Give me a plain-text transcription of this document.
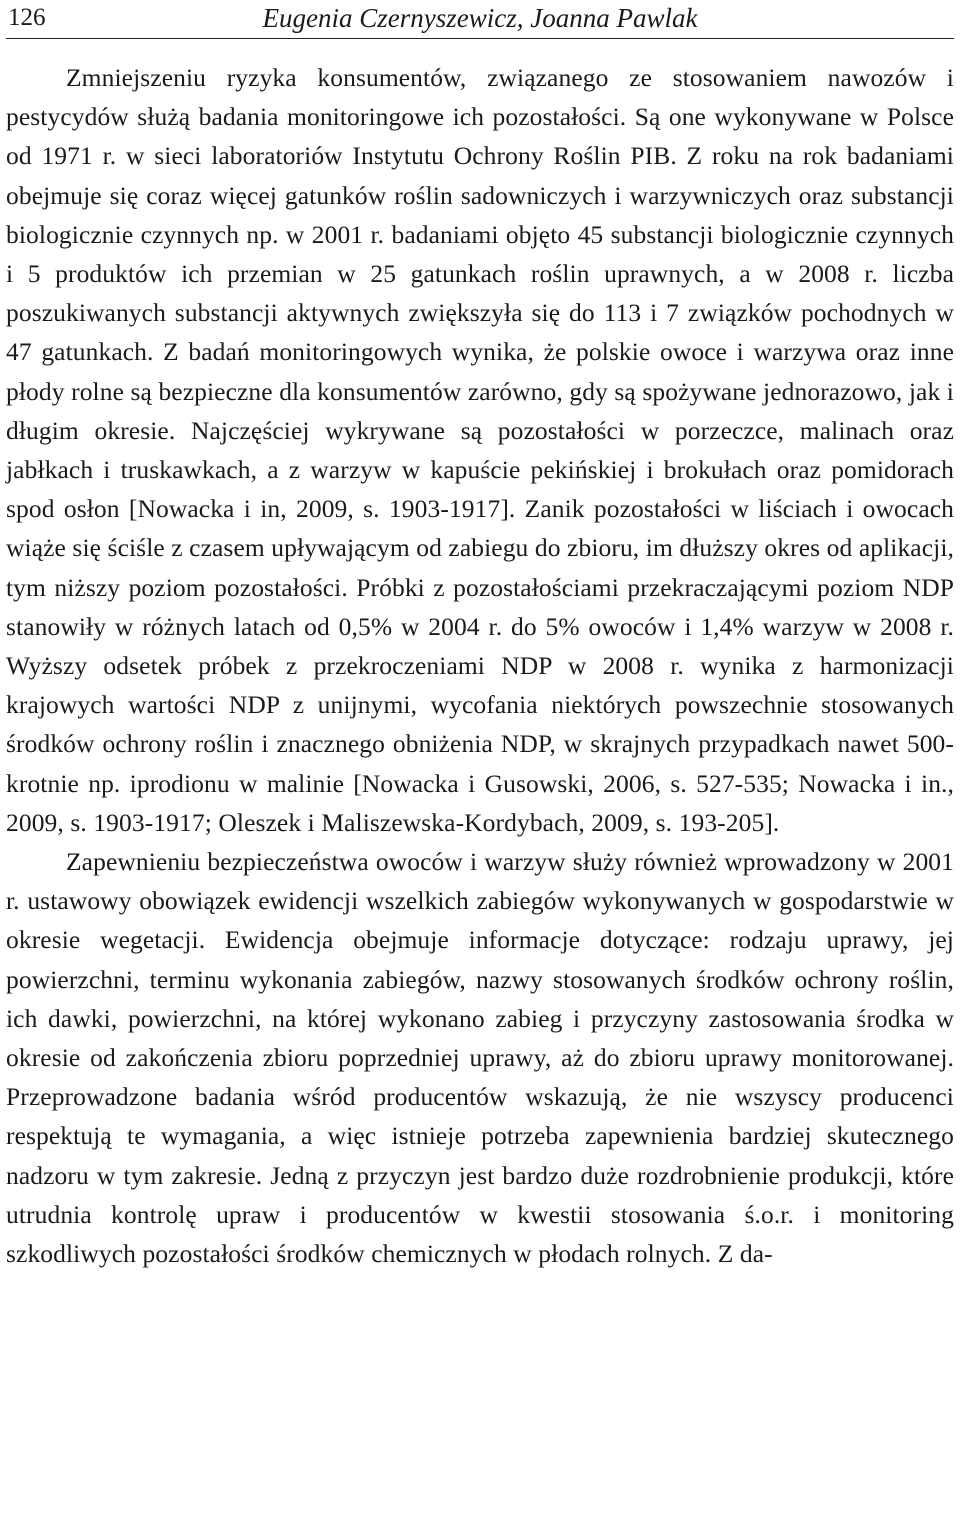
126	Eugenia Czernyszewicz, Joanna Pawlak

Zmniejszeniu ryzyka konsumentów, związanego ze stosowaniem nawozów i pestycydów służą badania monitoringowe ich pozostałości. Są one wykonywane w Polsce od 1971 r. w sieci laboratoriów Instytutu Ochrony Roślin PIB. Z roku na rok badaniami obejmuje się coraz więcej gatunków roślin sadowniczych i warzywniczych oraz substancji biologicznie czynnych np. w 2001 r. badaniami objęto 45 substancji biologicznie czynnych i 5 produktów ich przemian w 25 gatunkach roślin uprawnych, a w 2008 r. liczba poszukiwanych substancji aktywnych zwiększyła się do 113 i 7 związków pochodnych w 47 gatunkach. Z badań monitoringowych wynika, że polskie owoce i warzywa oraz inne płody rolne są bezpieczne dla konsumentów zarówno, gdy są spożywane jednorazowo, jak i długim okresie. Najczęściej wykrywane są pozostałości w porzeczce, malinach oraz jabłkach i truskawkach, a z warzyw w kapuście pekińskiej i brokułach oraz pomidorach spod osłon [Nowacka i in, 2009, s. 1903-1917]. Zanik pozostałości w liściach i owocach wiąże się ściśle z czasem upływającym od zabiegu do zbioru, im dłuższy okres od aplikacji, tym niższy poziom pozostałości. Próbki z pozostałościami przekraczającymi poziom NDP stanowiły w różnych latach od 0,5% w 2004 r. do 5% owoców i 1,4% warzyw w 2008 r. Wyższy odsetek próbek z przekroczeniami NDP w 2008 r. wynika z harmonizacji krajowych wartości NDP z unijnymi, wycofania niektórych powszechnie stosowanych środków ochrony roślin i znacznego obniżenia NDP, w skrajnych przypadkach nawet 500-krotnie np. iprodionu w malinie [Nowacka i Gusowski, 2006, s. 527-535; Nowacka i in., 2009, s. 1903-1917; Oleszek i Maliszewska-Kordybach, 2009, s. 193-205].

Zapewnieniu bezpieczeństwa owoców i warzyw służy również wprowadzony w 2001 r. ustawowy obowiązek ewidencji wszelkich zabiegów wykonywanych w gospodarstwie w okresie wegetacji. Ewidencja obejmuje informacje dotyczące: rodzaju uprawy, jej powierzchni, terminu wykonania zabiegów, nazwy stosowanych środków ochrony roślin, ich dawki, powierzchni, na której wykonano zabieg i przyczyny zastosowania środka w okresie od zakończenia zbioru poprzedniej uprawy, aż do zbioru uprawy monitorowanej. Przeprowadzone badania wśród producentów wskazują, że nie wszyscy producenci respektują te wymagania, a więc istnieje potrzeba zapewnienia bardziej skutecznego nadzoru w tym zakresie. Jedną z przyczyn jest bardzo duże rozdrobnienie produkcji, które utrudnia kontrolę upraw i producentów w kwestii stosowania ś.o.r. i monitoring szkodliwych pozostałości środków chemicznych w płodach rolnych. Z da-
